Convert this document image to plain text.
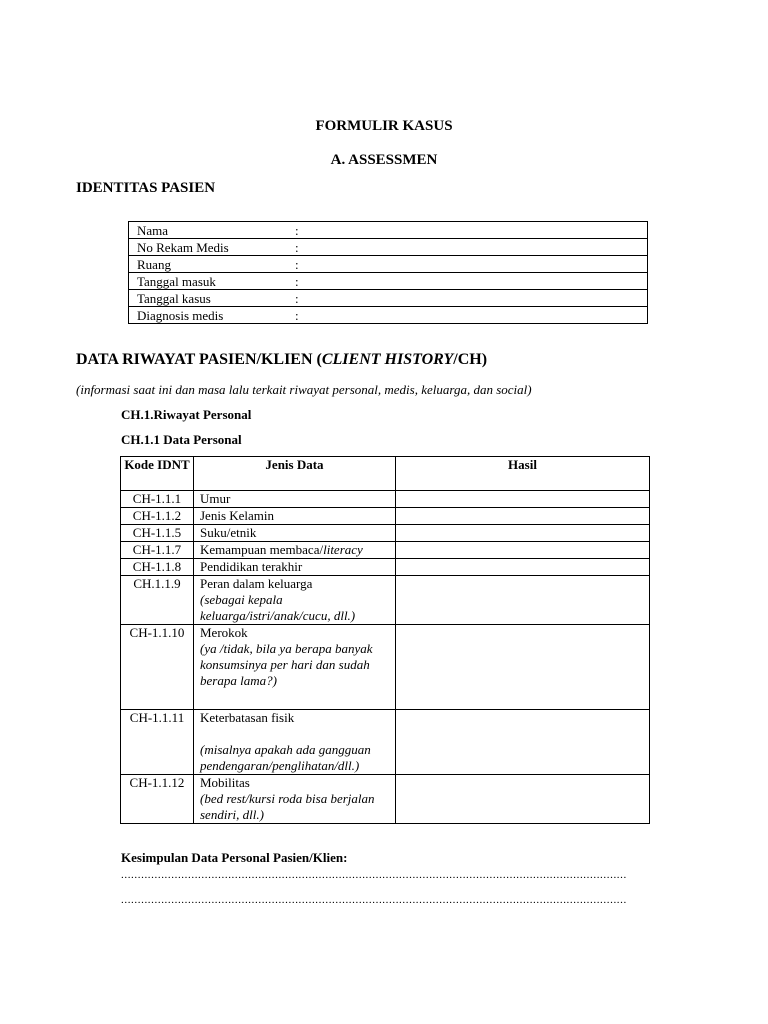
FORMULIR KASUS
A. ASSESSMEN
IDENTITAS PASIEN
Nama	:
No Rekam Medis	:
Ruang	:
Tanggal masuk	:
Tanggal kasus	:
Diagnosis medis	:
DATA RIWAYAT PASIEN/KLIEN (CLIENT HISTORY/CH)
(informasi saat ini dan masa lalu terkait riwayat personal, medis, keluarga, dan social)
CH.1.Riwayat Personal
CH.1.1 Data Personal
Kode IDNT	Jenis Data	Hasil
CH-1.1.1	Umur	
CH-1.1.2	Jenis Kelamin	
CH-1.1.5	Suku/etnik	
CH-1.1.7	Kemampuan membaca/literacy	
CH-1.1.8	Pendidikan terakhir	
CH.1.1.9	Peran dalam keluarga
(sebagai kepala keluarga/istri/anak/cucu, dll.)	

CH-1.1.10	Merokok
(ya /tidak, bila ya berapa banyak konsumsinya per hari dan sudah berapa lama?)	

CH-1.1.11	Keterbatasan fisik
(misalnya apakah ada gangguan pendengaran/penglihatan/dll.)	

CH-1.1.12	Mobilitas
(bed rest/kursi roda bisa berjalan sendiri, dll.)	

Kesimpulan Data Personal Pasien/Klien:
.......................................................................................................................................................
.......................................................................................................................................................
